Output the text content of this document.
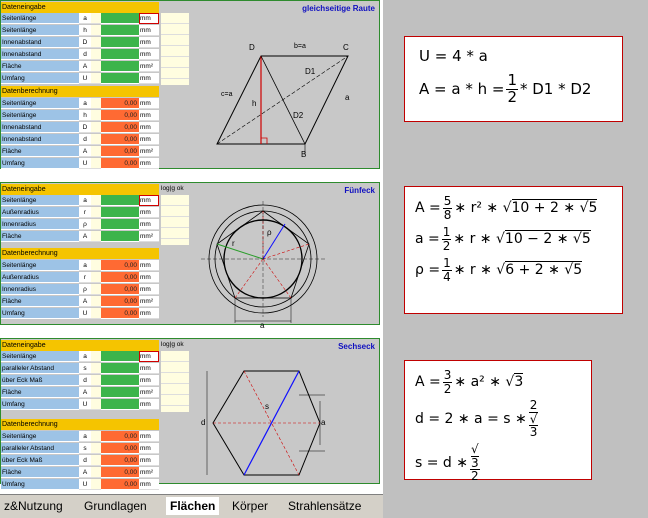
Dateneingabe
Seitenlänge	a	mm
Seitenlänge	h	mm
Innenabstand	D	mm
Innenabstand	d	mm
Fläche	A	mm²
Umfang	U	mm
Datenberechnung
Seitenlänge	a	0,00 mm
Seitenlänge	h	0,00 mm
Innenabstand	D	0,00 mm
Innenabstand	d	0,00 mm
Fläche	A	0,00 mm²
Umfang	U	0,00 mm
gleichseitige Raute
D	C
B
b=a
c=a	a
h
D1
D2
Dateneingabe
Seitenlänge	a	mm
Außenradius	r	mm
Innenradius	ρ	mm
Fläche	A	mm²
Datenberechnung
Seitenlänge	a	0,00 mm
Außenradius	r	0,00 mm
Innenradius	ρ	0,00 mm
Fläche	A	0,00 mm²
Umfang	U	0,00 mm
log|g ok	Fünfeck
r
ρ
a
Dateneingabe
Seitenlänge	a	mm
paralleler Abstand	s	mm
über Eck Maß	d	mm
Fläche	A	mm²
Umfang	U	mm
Datenberechnung
Seitenlänge	a	0,00 mm
paralleler Abstand	s	0,00 mm
über Eck Maß	d	0,00 mm
Fläche	A	0,00 mm²
Umfang	U	0,00 mm
log|g ok	Sechseck
d
s
a
U = 4 * a
$A = a * h = \frac{1}{2} * D1 * D2$
$A = \frac{5}{8}$ ∗ r² ∗ √10 + 2 ∗ √5
$a = \frac{1}{2}$ ∗ r ∗ √10 − 2 ∗ √5
$\rho = \frac{1}{4}$ ∗ r ∗ √6 + 2 ∗ √5
$A = \frac{3}{2}$ ∗ a² ∗ √3
d = 2 ∗ a = s ∗ 2
√
3
s = d ∗ √
3
2
z&Nutzung	Grundlagen	Flächen	Körper	Strahlensätze
